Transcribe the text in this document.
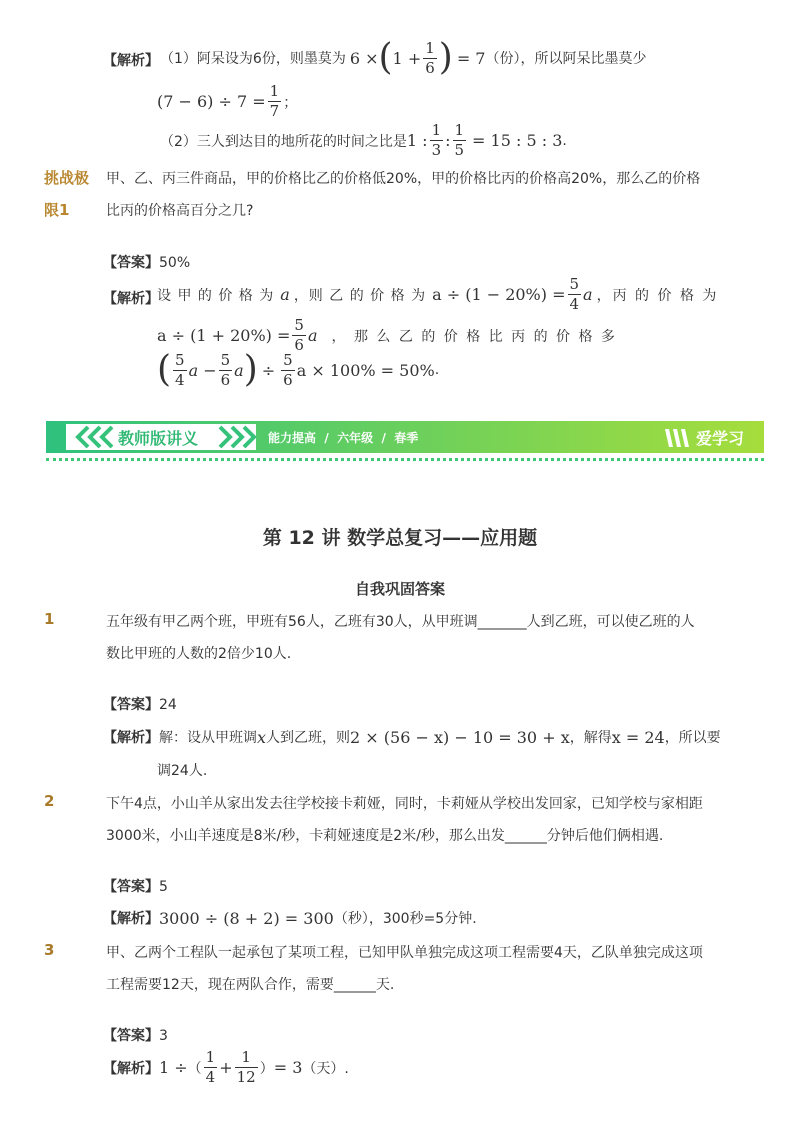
【解析】 （1）阿呆设为6份，则墨莫为 6 × ( $1 + \frac{1}{6}$ ) = 7 （份），所以阿呆比墨莫少
$(7 - 6) \div 7 = \frac{1}{7}$ ；
（2）三人到达目的地所花的时间之比是 1 : $\frac{1}{3}$ : $\frac{1}{5} = 15$ : 5 : 3 .
挑战极
限1
甲、乙、丙三件商品，甲的价格比乙的价格低20%，甲的价格比丙的价格高20%，那么乙的价格
比丙的价格高百分之几?
【答案】50%
【解析】
设 甲 的 价 格 为 a ，则 乙 的 价 格 为 $a \div (1 - 20\%) = \frac{5}{4}$ a ，丙 的 价 格 为
$a \div (1 + 20\%) = \frac{5}{6}$ a ， 那 么 乙 的 价 格 比 丙 的 价 格 多
( $\frac{5}{4}$ $a - \frac{5}{6}$ a ) ÷ $\frac{5}{6}$ a × 100% = 50% .
教师版讲义	能力提高  /  六年级  /  春季	爱学习
第 12 讲 数学总复习——应用题
自我巩固答案
1	五年级有甲乙两个班，甲班有56人，乙班有30人，从甲班调_______人到乙班，可以使乙班的人
数比甲班的人数的2倍少10人.
【答案】24
【解析】 解：设从甲班调 x 人到乙班，则 2 × (56 − x) − 10 = 30 + x ，解得 x = 24 ，所以要
调24人.
2	下午4点，小山羊从家出发去往学校接卡莉娅，同时，卡莉娅从学校出发回家，已知学校与家相距
3000米，小山羊速度是8米/秒，卡莉娅速度是2米/秒，那么出发______分钟后他们俩相遇.
【答案】5
【解析】 3000 ÷ (8 + 2) = 300 （秒），300秒=5分钟.
3	甲、乙两个工程队一起承包了某项工程，已知甲队单独完成这项工程需要4天，乙队单独完成这项
工程需要12天，现在两队合作，需要______天.
【答案】3
【解析】 1 ÷ （ $\frac{1}{4} + \frac{1}{12}$ ） = 3 （天）.
